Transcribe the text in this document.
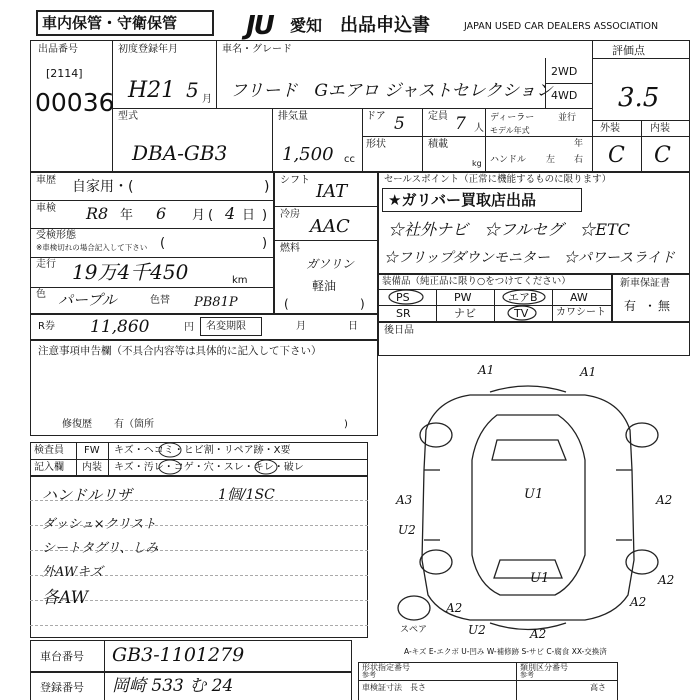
車内保管・守衛保管	JU 愛知 出品申込書	JAPAN USED CAR DEALERS ASSOCIATION
出品番号
[2114]
00036
初度登録年月
H21 5 月
車名・グレード
フリード　Gエアロ ジャストセレクション
2WD
4WD
評価点
3.5
外装	内装
C C
型式
DBA-GB3
排気量
1,500 cc
ドア 5 定員 7 人
ディーラー	並行
モデル年式
年
形状	積載
kg ハンドル 左 右
車歴 自家用・(	)
車検 R8 年 6 月 ( 4 日 )
受検形態
※車検切れの場合記入して下さい (	)
走行 19万4千450	km
色 パープル	色替 PB81P
シフト
IAT
冷房
AAC
燃料
ガソリン
軽油
(	)
セールスポイント（正常に機能するものに限ります）
★ガリバー買取店出品
☆社外ナビ　☆フルセグ　☆ETC
☆フリップダウンモニター　☆パワースライド
装備品（純正品に限り○をつけてください）
PS	PW	エアB	AW
SR	ナビ	TV	カワシート
新車保証書
有 無
・
R券 11,860	円 名変期限	月	日	後日品
注意事項申告欄（不具合内容等は具体的に記入して下さい）
修復歴 有（箇所	)
検査員
記入欄
FW キズ・ヘコミ・ヒビ割・リペア跡・X要
内装 キズ・汚レ・コゲ・穴・スレ・キレ・破レ
ハンドルリザ
ダッシュ×クリスト
シートタグリ、しみ
外AWキズ
各AW
1個/1SC
A1	A1
A3
U2
A2
A2	A2
A2
U1
U1
U2
A2
スペア
A-キズ E-エクボ U-凹み W-補修跡 S-サビ C-腐食 XX-交換済
車台番号 GB3-1101279
登録番号 岡崎 533 む 24
形状指定番号
参考
類別区分番号
参考
車検証寸法 長さ	高さ
